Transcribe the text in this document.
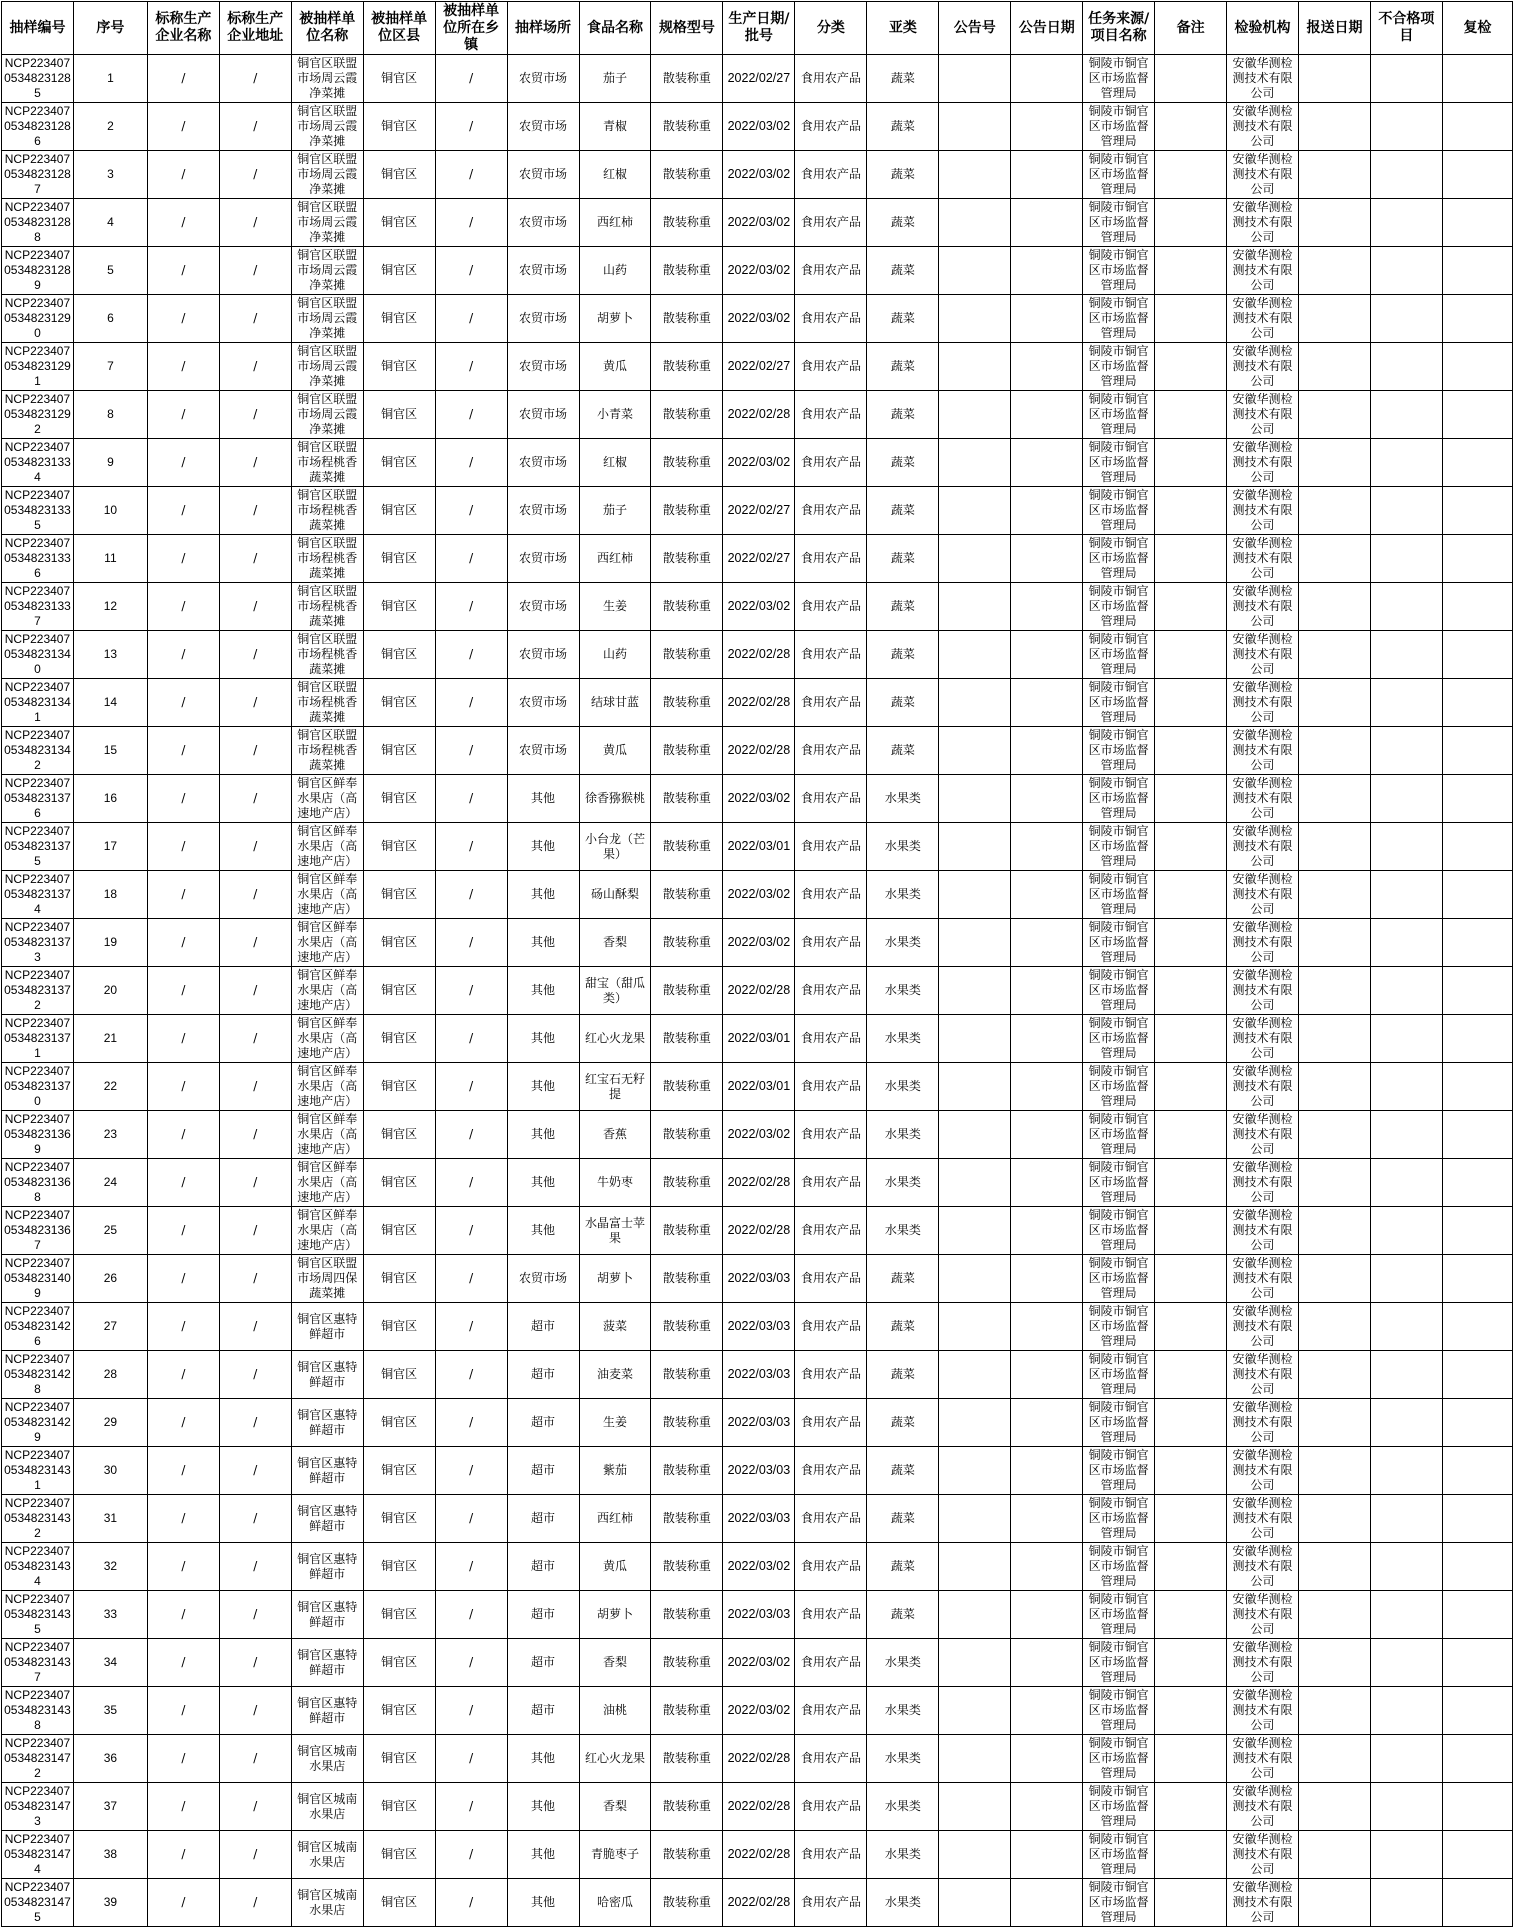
抽样编号	序号	标称生产企业名称	标称生产企业地址	被抽样单位名称	被抽样单位区县	被抽样单位所在乡镇	抽样场所	食品名称	规格型号	生产日期/批号	分类	亚类	公告号	公告日期	任务来源/项目名称	备注	检验机构	报送日期	不合格项目	复检
NCP22340705348231285	1	/	/	铜官区联盟市场周云霞净菜摊	铜官区	/	农贸市场	茄子	散装称重	2022/02/27	食用农产品	蔬菜			铜陵市铜官区市场监督管理局		安徽华测检测技术有限公司			
NCP22340705348231286	2	/	/	铜官区联盟市场周云霞净菜摊	铜官区	/	农贸市场	青椒	散装称重	2022/03/02	食用农产品	蔬菜			铜陵市铜官区市场监督管理局		安徽华测检测技术有限公司			
NCP22340705348231287	3	/	/	铜官区联盟市场周云霞净菜摊	铜官区	/	农贸市场	红椒	散装称重	2022/03/02	食用农产品	蔬菜			铜陵市铜官区市场监督管理局		安徽华测检测技术有限公司			
NCP22340705348231288	4	/	/	铜官区联盟市场周云霞净菜摊	铜官区	/	农贸市场	西红柿	散装称重	2022/03/02	食用农产品	蔬菜			铜陵市铜官区市场监督管理局		安徽华测检测技术有限公司			
NCP22340705348231289	5	/	/	铜官区联盟市场周云霞净菜摊	铜官区	/	农贸市场	山药	散装称重	2022/03/02	食用农产品	蔬菜			铜陵市铜官区市场监督管理局		安徽华测检测技术有限公司			
NCP22340705348231290	6	/	/	铜官区联盟市场周云霞净菜摊	铜官区	/	农贸市场	胡萝卜	散装称重	2022/03/02	食用农产品	蔬菜			铜陵市铜官区市场监督管理局		安徽华测检测技术有限公司			
NCP22340705348231291	7	/	/	铜官区联盟市场周云霞净菜摊	铜官区	/	农贸市场	黄瓜	散装称重	2022/02/27	食用农产品	蔬菜			铜陵市铜官区市场监督管理局		安徽华测检测技术有限公司			
NCP22340705348231292	8	/	/	铜官区联盟市场周云霞净菜摊	铜官区	/	农贸市场	小青菜	散装称重	2022/02/28	食用农产品	蔬菜			铜陵市铜官区市场监督管理局		安徽华测检测技术有限公司			
NCP22340705348231334	9	/	/	铜官区联盟市场程桃香蔬菜摊	铜官区	/	农贸市场	红椒	散装称重	2022/03/02	食用农产品	蔬菜			铜陵市铜官区市场监督管理局		安徽华测检测技术有限公司			
NCP22340705348231335	10	/	/	铜官区联盟市场程桃香蔬菜摊	铜官区	/	农贸市场	茄子	散装称重	2022/02/27	食用农产品	蔬菜			铜陵市铜官区市场监督管理局		安徽华测检测技术有限公司			
NCP22340705348231336	11	/	/	铜官区联盟市场程桃香蔬菜摊	铜官区	/	农贸市场	西红柿	散装称重	2022/02/27	食用农产品	蔬菜			铜陵市铜官区市场监督管理局		安徽华测检测技术有限公司			
NCP22340705348231337	12	/	/	铜官区联盟市场程桃香蔬菜摊	铜官区	/	农贸市场	生姜	散装称重	2022/03/02	食用农产品	蔬菜			铜陵市铜官区市场监督管理局		安徽华测检测技术有限公司			
NCP22340705348231340	13	/	/	铜官区联盟市场程桃香蔬菜摊	铜官区	/	农贸市场	山药	散装称重	2022/02/28	食用农产品	蔬菜			铜陵市铜官区市场监督管理局		安徽华测检测技术有限公司			
NCP22340705348231341	14	/	/	铜官区联盟市场程桃香蔬菜摊	铜官区	/	农贸市场	结球甘蓝	散装称重	2022/02/28	食用农产品	蔬菜			铜陵市铜官区市场监督管理局		安徽华测检测技术有限公司			
NCP22340705348231342	15	/	/	铜官区联盟市场程桃香蔬菜摊	铜官区	/	农贸市场	黄瓜	散装称重	2022/02/28	食用农产品	蔬菜			铜陵市铜官区市场监督管理局		安徽华测检测技术有限公司			
NCP22340705348231376	16	/	/	铜官区鲜奉水果店（高速地产店）	铜官区	/	其他	徐香猕猴桃	散装称重	2022/03/02	食用农产品	水果类			铜陵市铜官区市场监督管理局		安徽华测检测技术有限公司			
NCP22340705348231375	17	/	/	铜官区鲜奉水果店（高速地产店）	铜官区	/	其他	小台龙（芒果）	散装称重	2022/03/01	食用农产品	水果类			铜陵市铜官区市场监督管理局		安徽华测检测技术有限公司			
NCP22340705348231374	18	/	/	铜官区鲜奉水果店（高速地产店）	铜官区	/	其他	砀山酥梨	散装称重	2022/03/02	食用农产品	水果类			铜陵市铜官区市场监督管理局		安徽华测检测技术有限公司			
NCP22340705348231373	19	/	/	铜官区鲜奉水果店（高速地产店）	铜官区	/	其他	香梨	散装称重	2022/03/02	食用农产品	水果类			铜陵市铜官区市场监督管理局		安徽华测检测技术有限公司			
NCP22340705348231372	20	/	/	铜官区鲜奉水果店（高速地产店）	铜官区	/	其他	甜宝（甜瓜类）	散装称重	2022/02/28	食用农产品	水果类			铜陵市铜官区市场监督管理局		安徽华测检测技术有限公司			
NCP22340705348231371	21	/	/	铜官区鲜奉水果店（高速地产店）	铜官区	/	其他	红心火龙果	散装称重	2022/03/01	食用农产品	水果类			铜陵市铜官区市场监督管理局		安徽华测检测技术有限公司			
NCP22340705348231370	22	/	/	铜官区鲜奉水果店（高速地产店）	铜官区	/	其他	红宝石无籽提	散装称重	2022/03/01	食用农产品	水果类			铜陵市铜官区市场监督管理局		安徽华测检测技术有限公司			
NCP22340705348231369	23	/	/	铜官区鲜奉水果店（高速地产店）	铜官区	/	其他	香蕉	散装称重	2022/03/02	食用农产品	水果类			铜陵市铜官区市场监督管理局		安徽华测检测技术有限公司			
NCP22340705348231368	24	/	/	铜官区鲜奉水果店（高速地产店）	铜官区	/	其他	牛奶枣	散装称重	2022/02/28	食用农产品	水果类			铜陵市铜官区市场监督管理局		安徽华测检测技术有限公司			
NCP22340705348231367	25	/	/	铜官区鲜奉水果店（高速地产店）	铜官区	/	其他	水晶富士苹果	散装称重	2022/02/28	食用农产品	水果类			铜陵市铜官区市场监督管理局		安徽华测检测技术有限公司			
NCP22340705348231409	26	/	/	铜官区联盟市场周四保蔬菜摊	铜官区	/	农贸市场	胡萝卜	散装称重	2022/03/03	食用农产品	蔬菜			铜陵市铜官区市场监督管理局		安徽华测检测技术有限公司			
NCP22340705348231426	27	/	/	铜官区惠特鲜超市	铜官区	/	超市	菠菜	散装称重	2022/03/03	食用农产品	蔬菜			铜陵市铜官区市场监督管理局		安徽华测检测技术有限公司			
NCP22340705348231428	28	/	/	铜官区惠特鲜超市	铜官区	/	超市	油麦菜	散装称重	2022/03/03	食用农产品	蔬菜			铜陵市铜官区市场监督管理局		安徽华测检测技术有限公司			
NCP22340705348231429	29	/	/	铜官区惠特鲜超市	铜官区	/	超市	生姜	散装称重	2022/03/03	食用农产品	蔬菜			铜陵市铜官区市场监督管理局		安徽华测检测技术有限公司			
NCP22340705348231431	30	/	/	铜官区惠特鲜超市	铜官区	/	超市	紫茄	散装称重	2022/03/03	食用农产品	蔬菜			铜陵市铜官区市场监督管理局		安徽华测检测技术有限公司			
NCP22340705348231432	31	/	/	铜官区惠特鲜超市	铜官区	/	超市	西红柿	散装称重	2022/03/03	食用农产品	蔬菜			铜陵市铜官区市场监督管理局		安徽华测检测技术有限公司			
NCP22340705348231434	32	/	/	铜官区惠特鲜超市	铜官区	/	超市	黄瓜	散装称重	2022/03/02	食用农产品	蔬菜			铜陵市铜官区市场监督管理局		安徽华测检测技术有限公司			
NCP22340705348231435	33	/	/	铜官区惠特鲜超市	铜官区	/	超市	胡萝卜	散装称重	2022/03/03	食用农产品	蔬菜			铜陵市铜官区市场监督管理局		安徽华测检测技术有限公司			
NCP22340705348231437	34	/	/	铜官区惠特鲜超市	铜官区	/	超市	香梨	散装称重	2022/03/02	食用农产品	水果类			铜陵市铜官区市场监督管理局		安徽华测检测技术有限公司			
NCP22340705348231438	35	/	/	铜官区惠特鲜超市	铜官区	/	超市	油桃	散装称重	2022/03/02	食用农产品	水果类			铜陵市铜官区市场监督管理局		安徽华测检测技术有限公司			
NCP22340705348231472	36	/	/	铜官区城南水果店	铜官区	/	其他	红心火龙果	散装称重	2022/02/28	食用农产品	水果类			铜陵市铜官区市场监督管理局		安徽华测检测技术有限公司			
NCP22340705348231473	37	/	/	铜官区城南水果店	铜官区	/	其他	香梨	散装称重	2022/02/28	食用农产品	水果类			铜陵市铜官区市场监督管理局		安徽华测检测技术有限公司			
NCP22340705348231474	38	/	/	铜官区城南水果店	铜官区	/	其他	青脆枣子	散装称重	2022/02/28	食用农产品	水果类			铜陵市铜官区市场监督管理局		安徽华测检测技术有限公司			
NCP22340705348231475	39	/	/	铜官区城南水果店	铜官区	/	其他	哈密瓜	散装称重	2022/02/28	食用农产品	水果类			铜陵市铜官区市场监督管理局		安徽华测检测技术有限公司			
